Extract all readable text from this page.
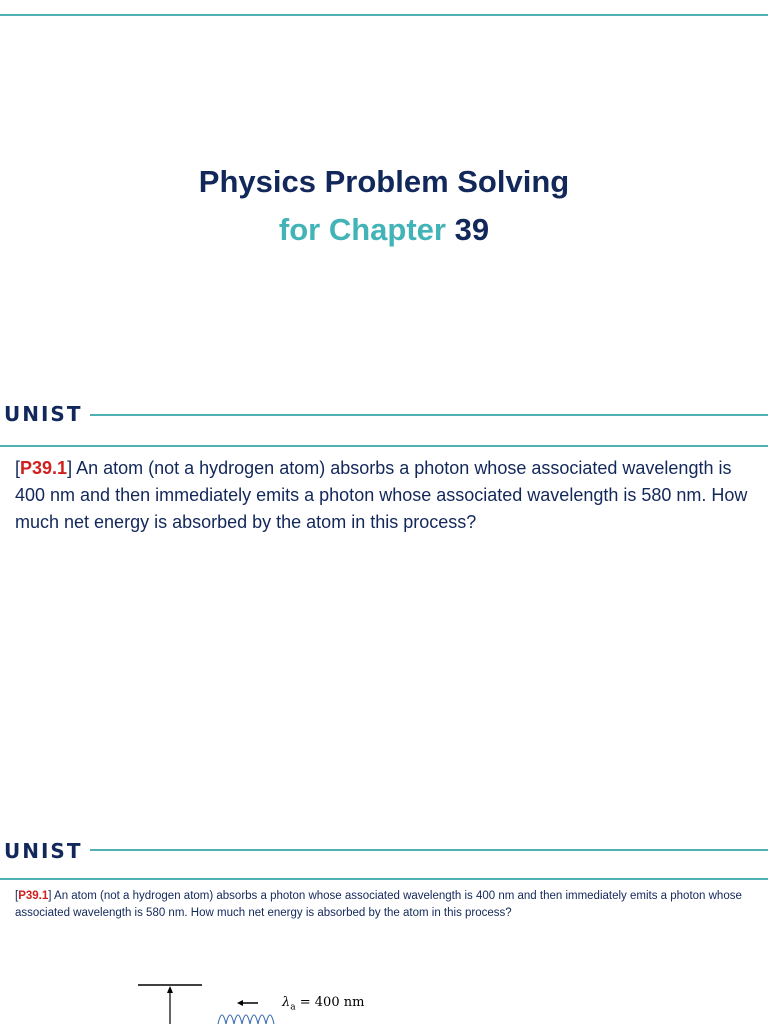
Physics Problem Solving
for Chapter 39
UNIST
[P39.1] An atom (not a hydrogen atom) absorbs a photon whose associated wavelength is 400 nm and then immediately emits a photon whose associated wavelength is 580 nm. How much net energy is absorbed by the atom in this process?
UNIST
[P39.1] An atom (not a hydrogen atom) absorbs a photon whose associated wavelength is 400 nm and then immediately emits a photon whose associated wavelength is 580 nm. How much net energy is absorbed by the atom in this process?
$\lambda_a = 400$ nm
